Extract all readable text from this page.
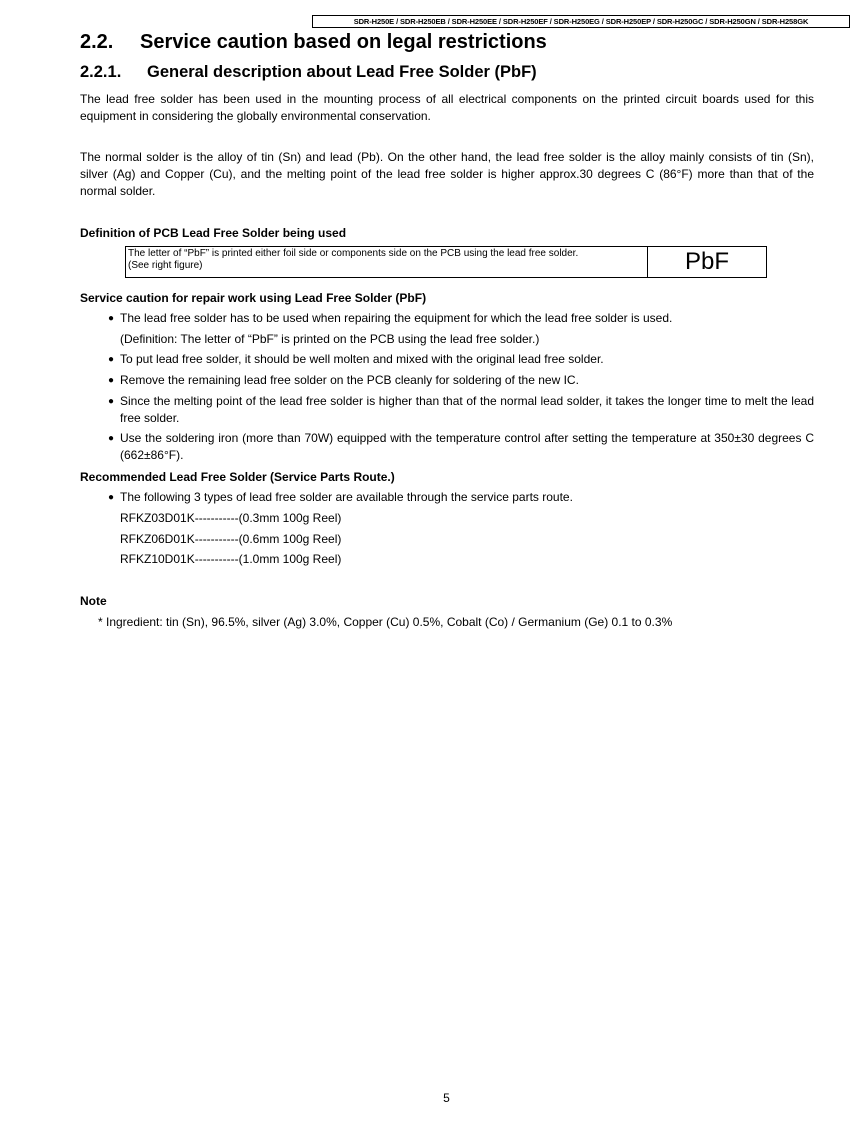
SDR-H250E / SDR-H250EB / SDR-H250EE / SDR-H250EF / SDR-H250EG / SDR-H250EP / SDR-H250GC / SDR-H250GN / SDR-H258GK
2.2. Service caution based on legal restrictions
2.2.1. General description about Lead Free Solder (PbF)
The lead free solder has been used in the mounting process of all electrical components on the printed circuit boards used for this equipment in considering the globally environmental conservation.
The normal solder is the alloy of tin (Sn) and lead (Pb). On the other hand, the lead free solder is the alloy mainly consists of tin (Sn), silver (Ag) and Copper (Cu), and the melting point of the lead free solder is higher approx.30 degrees C (86°F) more than that of the normal solder.
Definition of PCB Lead Free Solder being used
The letter of “PbF” is printed either foil side or components side on the PCB using the lead free solder.
(See right figure)	PbF
Service caution for repair work using Lead Free Solder (PbF)
● The lead free solder has to be used when repairing the equipment for which the lead free solder is used.
(Definition: The letter of “PbF” is printed on the PCB using the lead free solder.)
● To put lead free solder, it should be well molten and mixed with the original lead free solder.
● Remove the remaining lead free solder on the PCB cleanly for soldering of the new IC.
● Since the melting point of the lead free solder is higher than that of the normal lead solder, it takes the longer time to melt the lead free solder.
● Use the soldering iron (more than 70W) equipped with the temperature control after setting the temperature at 350±30 degrees C (662±86°F).
Recommended Lead Free Solder (Service Parts Route.)
● The following 3 types of lead free solder are available through the service parts route.
RFKZ03D01K-----------(0.3mm 100g Reel)
RFKZ06D01K-----------(0.6mm 100g Reel)
RFKZ10D01K-----------(1.0mm 100g Reel)
Note
* Ingredient: tin (Sn), 96.5%, silver (Ag) 3.0%, Copper (Cu) 0.5%, Cobalt (Co) / Germanium (Ge) 0.1 to 0.3%
5
